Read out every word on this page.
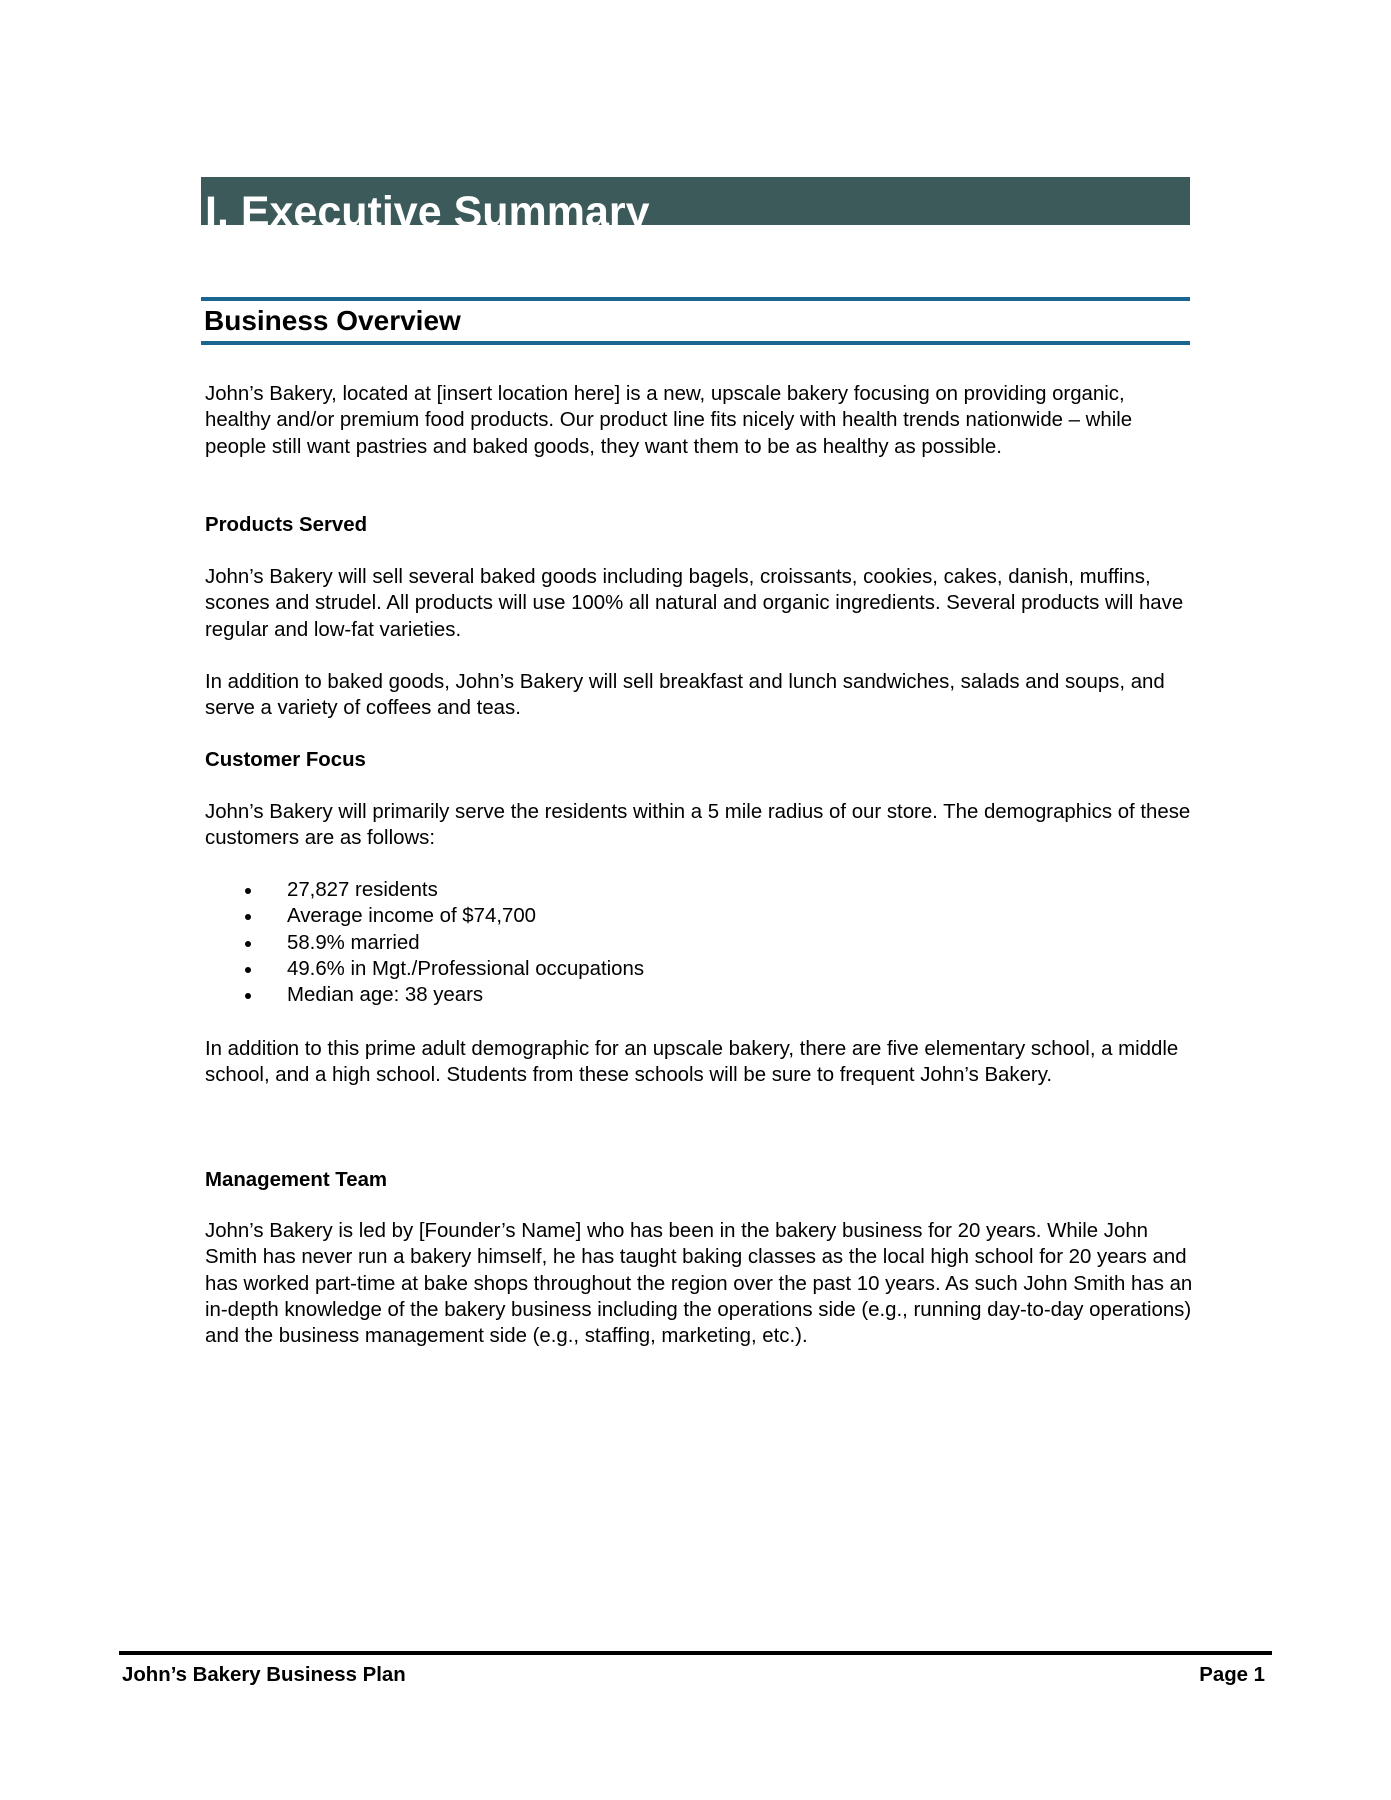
I. Executive Summary
Business Overview

John’s Bakery, located at [insert location here] is a new, upscale bakery focusing on providing organic, healthy and/or premium food products. Our product line fits nicely with health trends nationwide – while people still want pastries and baked goods, they want them to be as healthy as possible.

Products Served

John’s Bakery will sell several baked goods including bagels, croissants, cookies, cakes, danish, muffins, scones and strudel. All products will use 100% all natural and organic ingredients. Several products will have regular and low-fat varieties.

In addition to baked goods, John’s Bakery will sell breakfast and lunch sandwiches, salads and soups, and serve a variety of coffees and teas.

Customer Focus

John’s Bakery will primarily serve the residents within a 5 mile radius of our store. The demographics of these customers are as follows:

27,827 residents
Average income of $74,700
58.9% married
49.6% in Mgt./Professional occupations
Median age: 38 years

In addition to this prime adult demographic for an upscale bakery, there are five elementary school, a middle school, and a high school. Students from these schools will be sure to frequent John’s Bakery.

Management Team

John’s Bakery is led by [Founder’s Name] who has been in the bakery business for 20 years. While John Smith has never run a bakery himself, he has taught baking classes as the local high school for 20 years and has worked part-time at bake shops throughout the region over the past 10 years. As such John Smith has an in-depth knowledge of the bakery business including the operations side (e.g., running day-to-day operations) and the business management side (e.g., staffing, marketing, etc.).

John’s Bakery Business Plan	Page 1
